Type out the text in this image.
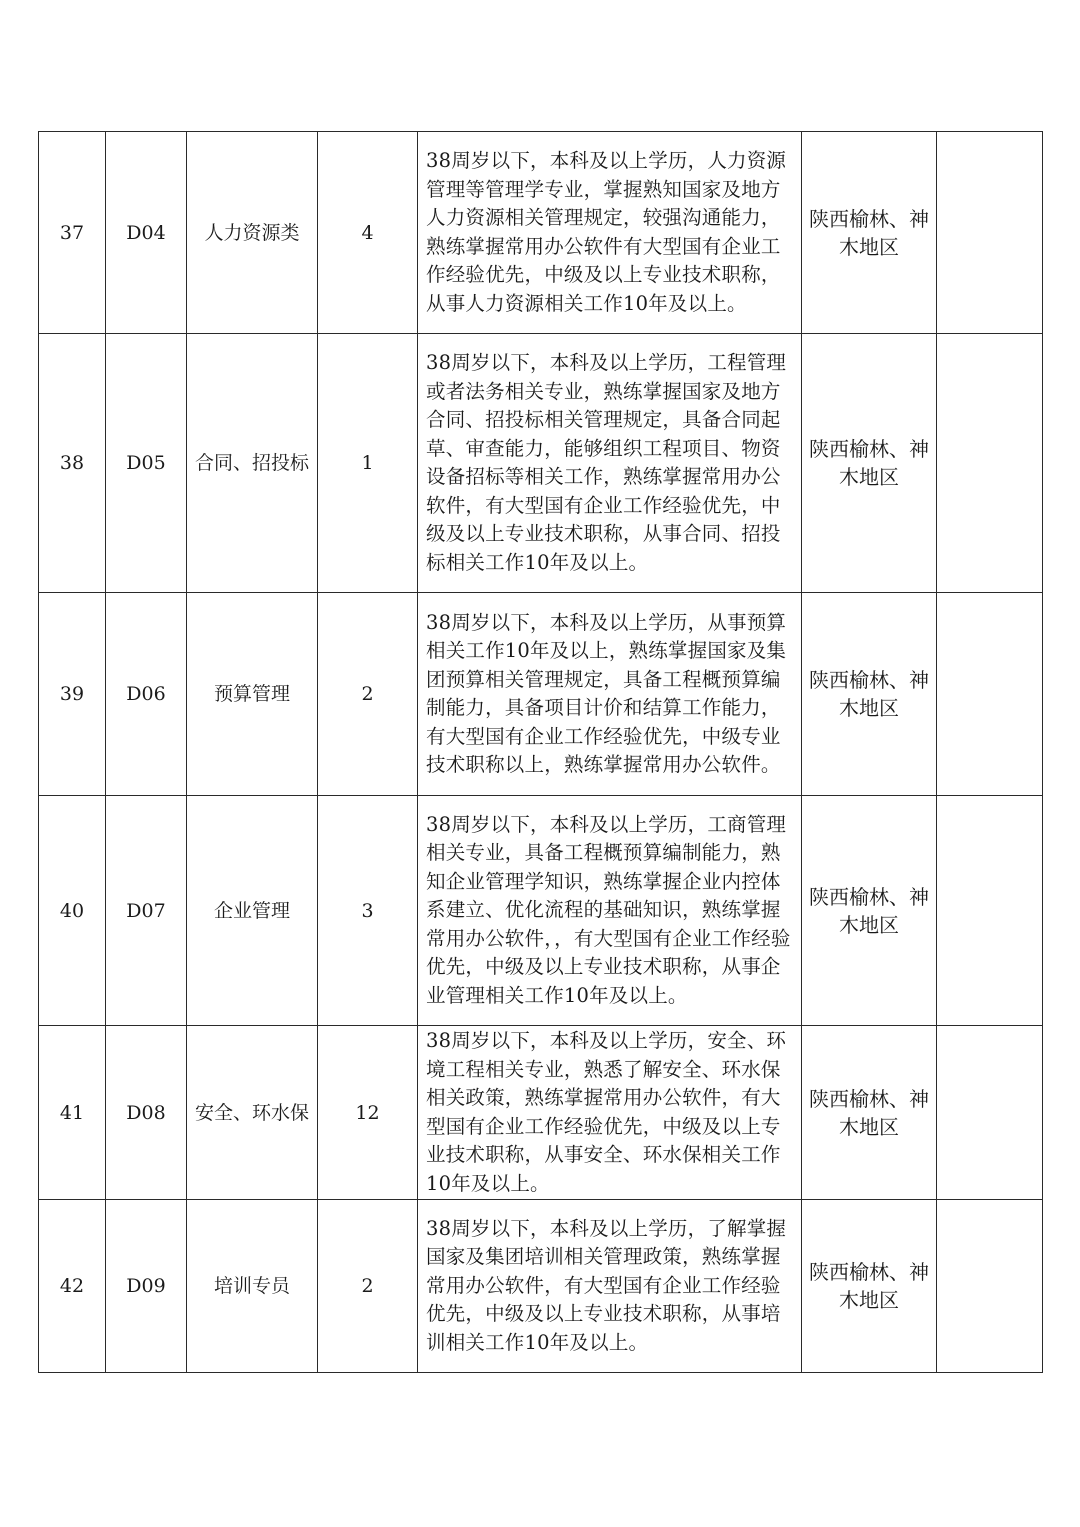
37	D04	人力资源类	4	38周岁以下，本科及以上学历，人力资源管理等管理学专业，掌握熟知国家及地方人力资源相关管理规定，较强沟通能力，熟练掌握常用办公软件有大型国有企业工作经验优先，中级及以上专业技术职称，从事人力资源相关工作10年及以上。	陕西榆林、神木地区	
38	D05	合同、招投标	1	38周岁以下，本科及以上学历，工程管理或者法务相关专业，熟练掌握国家及地方合同、招投标相关管理规定，具备合同起草、审查能力，能够组织工程项目、物资设备招标等相关工作，熟练掌握常用办公软件，有大型国有企业工作经验优先，中级及以上专业技术职称，从事合同、招投标相关工作10年及以上。	陕西榆林、神木地区	
39	D06	预算管理	2	38周岁以下，本科及以上学历，从事预算相关工作10年及以上，熟练掌握国家及集团预算相关管理规定，具备工程概预算编制能力，具备项目计价和结算工作能力，有大型国有企业工作经验优先，中级专业技术职称以上，熟练掌握常用办公软件。	陕西榆林、神木地区	
40	D07	企业管理	3	38周岁以下，本科及以上学历，工商管理相关专业，具备工程概预算编制能力，熟知企业管理学知识，熟练掌握企业内控体系建立、优化流程的基础知识，熟练掌握常用办公软件，，有大型国有企业工作经验优先，中级及以上专业技术职称，从事企业管理相关工作10年及以上。	陕西榆林、神木地区	
41	D08	安全、环水保	12	38周岁以下，本科及以上学历，安全、环境工程相关专业，熟悉了解安全、环水保相关政策，熟练掌握常用办公软件，有大型国有企业工作经验优先，中级及以上专业技术职称，从事安全、环水保相关工作10年及以上。	陕西榆林、神木地区	
42	D09	培训专员	2	38周岁以下，本科及以上学历，了解掌握国家及集团培训相关管理政策，熟练掌握常用办公软件，有大型国有企业工作经验优先，中级及以上专业技术职称，从事培训相关工作10年及以上。	陕西榆林、神木地区	
